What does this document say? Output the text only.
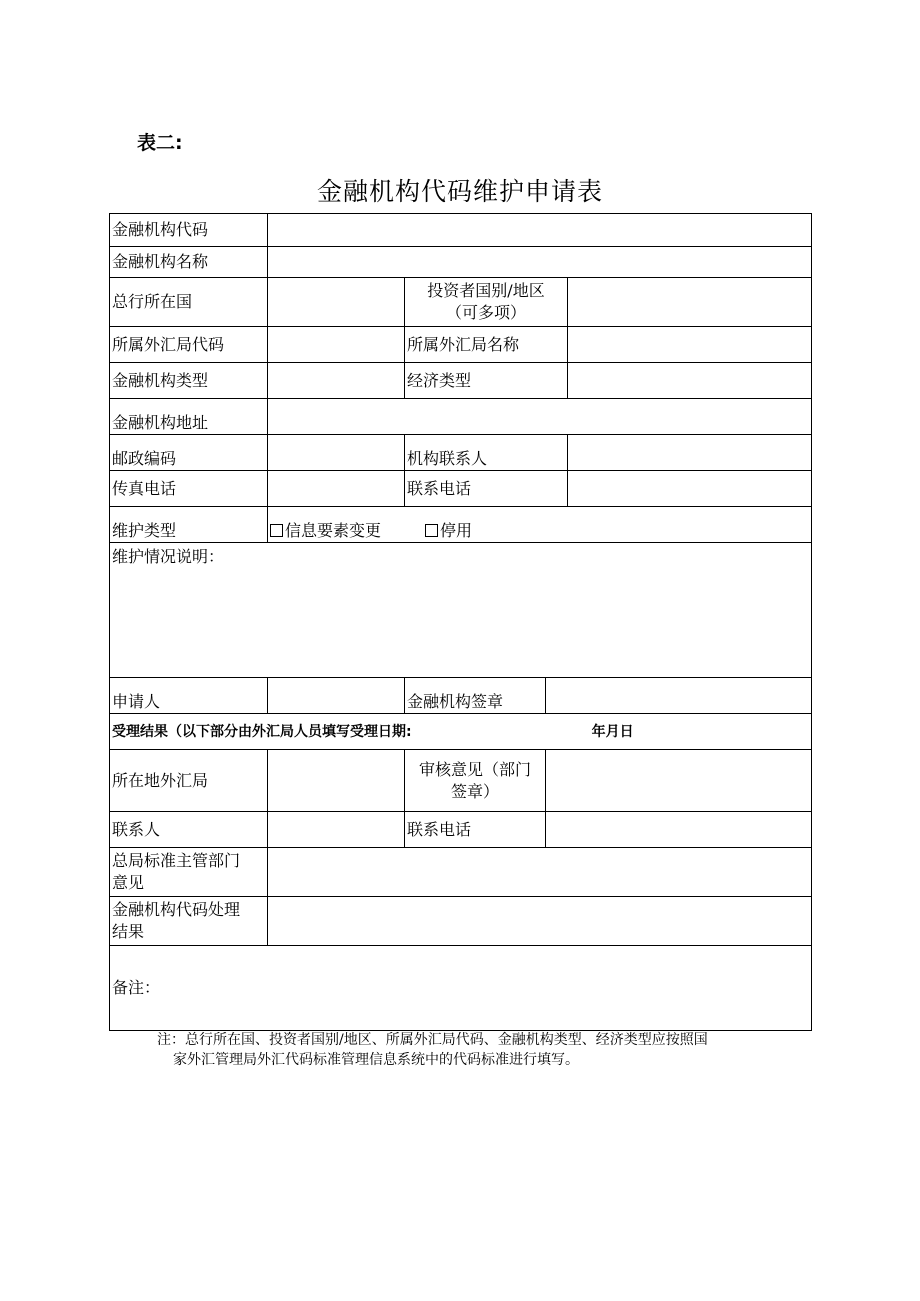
表二:
金融机构代码维护申请表
金融机构代码				
金融机构名称				
总行所在国		投资者国别/地区
（可多项）		

所属外汇局代码		所属外汇局名称		
金融机构类型		经济类型		
金融机构地址				
邮政编码		机构联系人		
传真电话		联系电话		
维护类型	信息要素变更 停用			
维护情况说明：				
申请人		金融机构签章		
受理结果（以下部分由外汇局人员填写受理日期: 年月日				
所在地外汇局		审核意见（部门
签章）		

联系人		联系电话		

总局标准主管部门
意见				

金融机构代码处理
结果				

备注：				
注：总行所在国、投资者国别/地区、所属外汇局代码、金融机构类型、经济类型应按照国
家外汇管理局外汇代码标准管理信息系统中的代码标准进行填写。
